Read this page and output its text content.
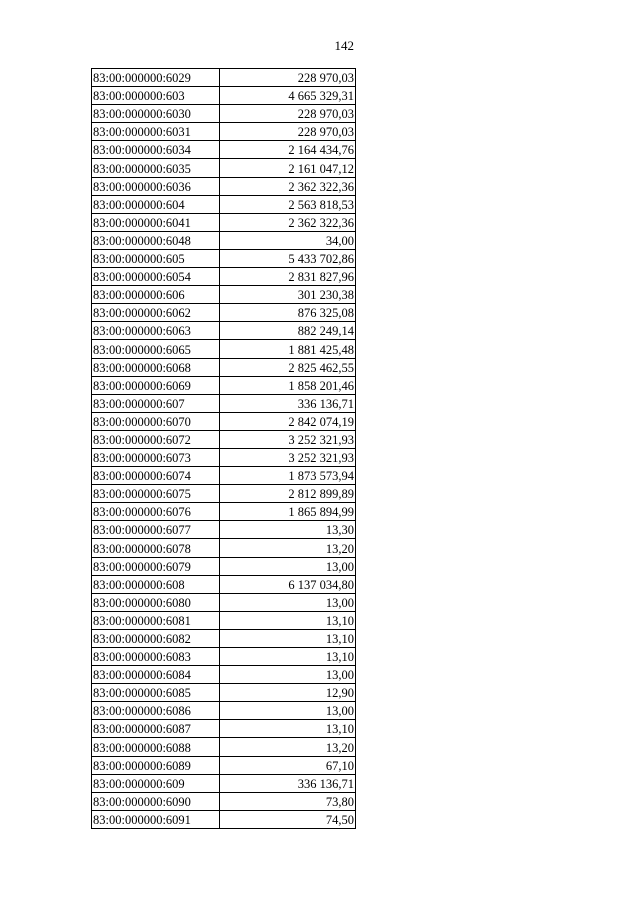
142
83:00:000000:6029	228 970,03
83:00:000000:603	4 665 329,31
83:00:000000:6030	228 970,03
83:00:000000:6031	228 970,03
83:00:000000:6034	2 164 434,76
83:00:000000:6035	2 161 047,12
83:00:000000:6036	2 362 322,36
83:00:000000:604	2 563 818,53
83:00:000000:6041	2 362 322,36
83:00:000000:6048	34,00
83:00:000000:605	5 433 702,86
83:00:000000:6054	2 831 827,96
83:00:000000:606	301 230,38
83:00:000000:6062	876 325,08
83:00:000000:6063	882 249,14
83:00:000000:6065	1 881 425,48
83:00:000000:6068	2 825 462,55
83:00:000000:6069	1 858 201,46
83:00:000000:607	336 136,71
83:00:000000:6070	2 842 074,19
83:00:000000:6072	3 252 321,93
83:00:000000:6073	3 252 321,93
83:00:000000:6074	1 873 573,94
83:00:000000:6075	2 812 899,89
83:00:000000:6076	1 865 894,99
83:00:000000:6077	13,30
83:00:000000:6078	13,20
83:00:000000:6079	13,00
83:00:000000:608	6 137 034,80
83:00:000000:6080	13,00
83:00:000000:6081	13,10
83:00:000000:6082	13,10
83:00:000000:6083	13,10
83:00:000000:6084	13,00
83:00:000000:6085	12,90
83:00:000000:6086	13,00
83:00:000000:6087	13,10
83:00:000000:6088	13,20
83:00:000000:6089	67,10
83:00:000000:609	336 136,71
83:00:000000:6090	73,80
83:00:000000:6091	74,50
